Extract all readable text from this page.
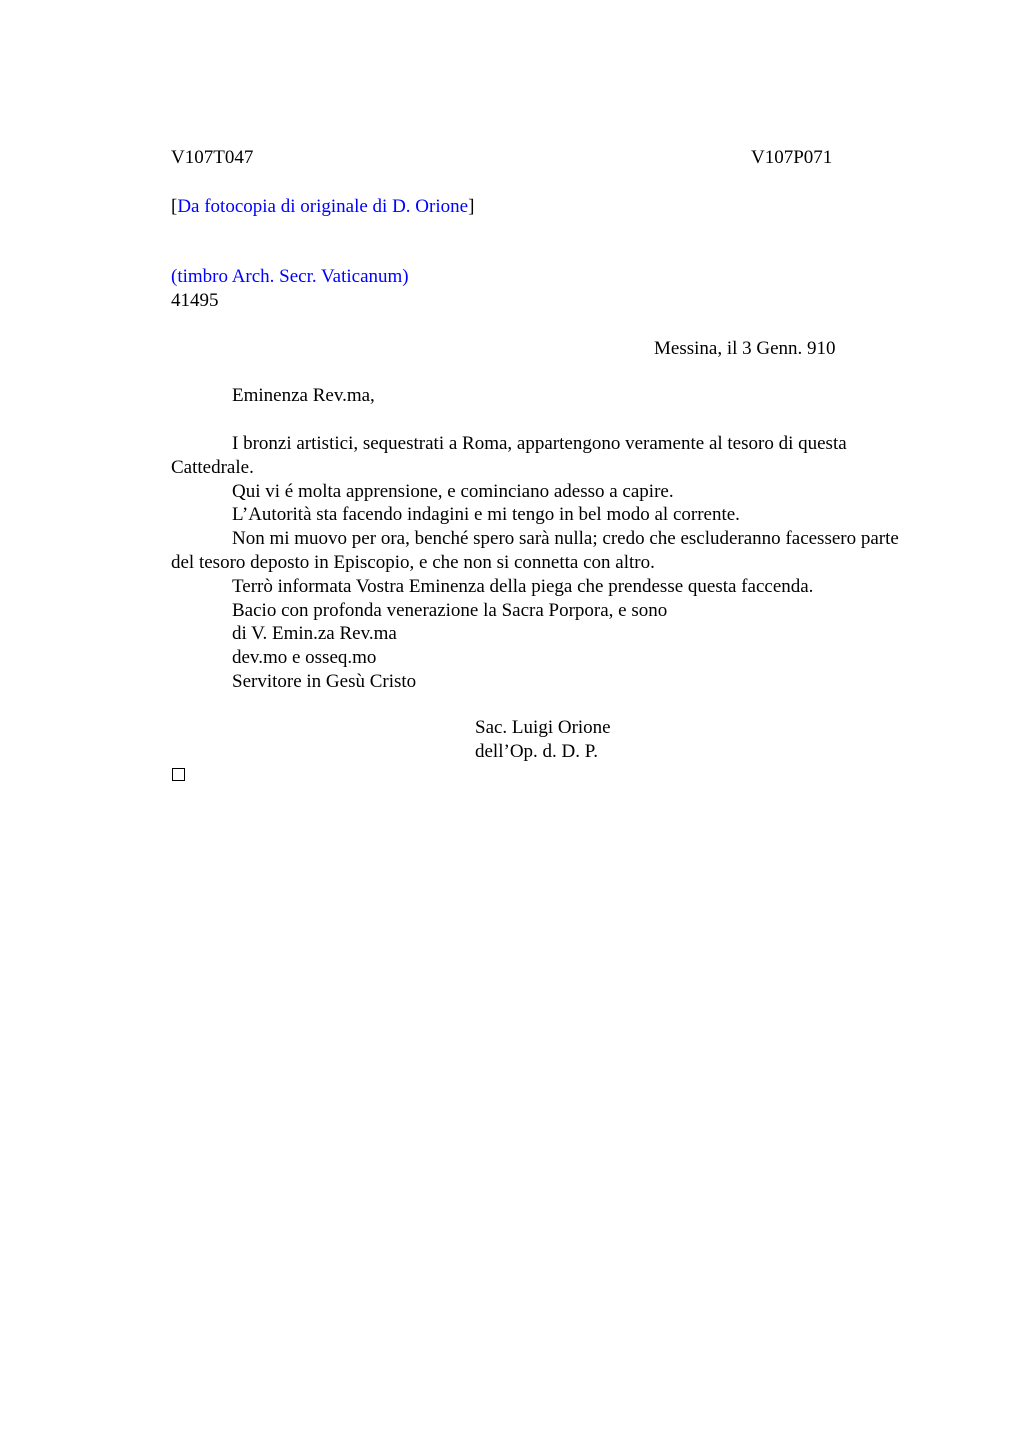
V107T047	V107P071
[Da fotocopia di originale di D. Orione]
(timbro Arch. Secr. Vaticanum)
41495
Messina, il 3 Genn. 910
Eminenza Rev.ma,

I bronzi artistici, sequestrati a Roma, appartengono veramente al tesoro di questa Cattedrale.

Qui vi é molta apprensione, e cominciano adesso a capire.

L’Autorità sta facendo indagini e mi tengo in bel modo al corrente.

Non mi muovo per ora, benché spero sarà nulla; credo che escluderanno facessero parte del tesoro deposto in Episcopio, e che non si connetta con altro.

Terrò informata Vostra Eminenza della piega che prendesse questa faccenda.

Bacio con profonda venerazione la Sacra Porpora, e sono

di V. Emin.za Rev.ma

dev.mo e osseq.mo

Servitore in Gesù Cristo

Sac. Luigi Orione
dell’Op. d. D. P.
